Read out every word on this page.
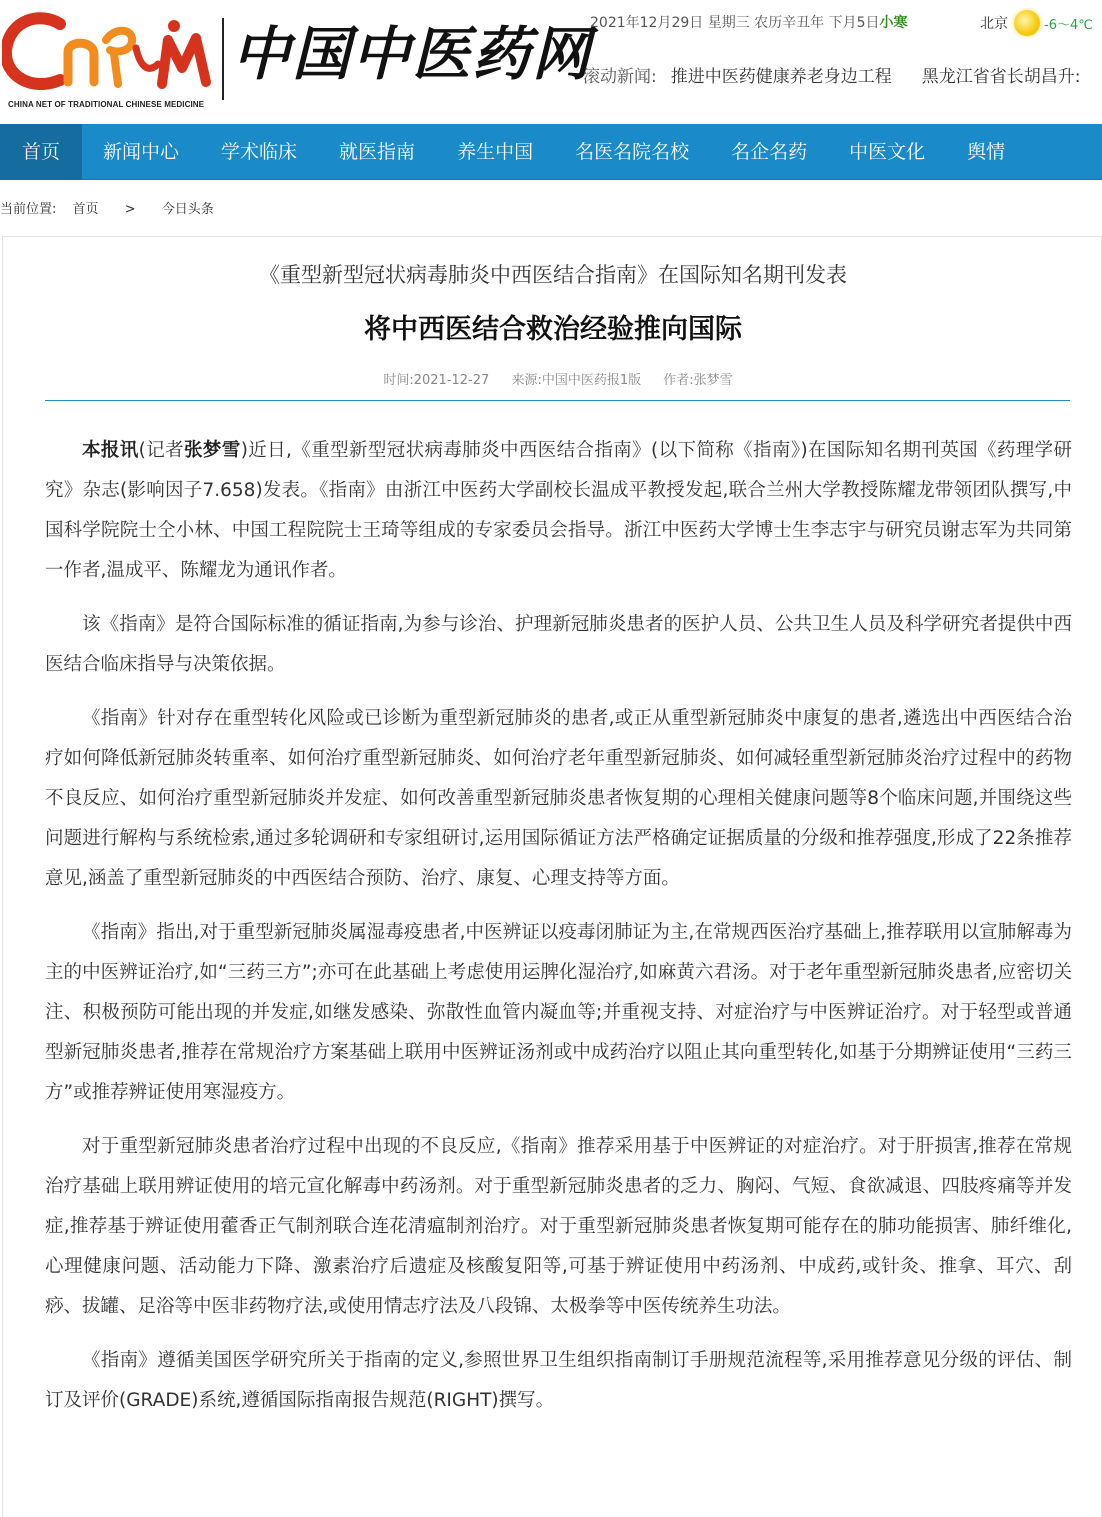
CHINA NET OF TRADITIONAL CHINESE MEDICINE
中国中医药网
2021年12月29日 星期三 农历辛丑年 下月5日小寒	北京	-6～4℃
滚动新闻: 推进中医药健康养老身边工程 黑龙江省省长胡昌升:
首页	新闻中心	学术临床	就医指南	养生中国	名医名院名校	名企名药	中医文化	舆情
当前位置: 首页 > 今日头条
《重型新型冠状病毒肺炎中西医结合指南》在国际知名期刊发表
将中西医结合救治经验推向国际
时间:2021-12-27 来源:中国中医药报1版 作者:张梦雪

本报讯(记者张梦雪)近日,《重型新型冠状病毒肺炎中西医结合指南》(以下简称《指南》)在国际知名期刊英国《药理学研究》杂志(影响因子7.658)发表。《指南》由浙江中医药大学副校长温成平教授发起,联合兰州大学教授陈耀龙带领团队撰写,中国科学院院士仝小林、中国工程院院士王琦等组成的专家委员会指导。浙江中医药大学博士生李志宇与研究员谢志军为共同第一作者,温成平、陈耀龙为通讯作者。

该《指南》是符合国际标准的循证指南,为参与诊治、护理新冠肺炎患者的医护人员、公共卫生人员及科学研究者提供中西医结合临床指导与决策依据。

《指南》针对存在重型转化风险或已诊断为重型新冠肺炎的患者,或正从重型新冠肺炎中康复的患者,遴选出中西医结合治疗如何降低新冠肺炎转重率、如何治疗重型新冠肺炎、如何治疗老年重型新冠肺炎、如何减轻重型新冠肺炎治疗过程中的药物不良反应、如何治疗重型新冠肺炎并发症、如何改善重型新冠肺炎患者恢复期的心理相关健康问题等8个临床问题,并围绕这些问题进行解构与系统检索,通过多轮调研和专家组研讨,运用国际循证方法严格确定证据质量的分级和推荐强度,形成了22条推荐意见,涵盖了重型新冠肺炎的中西医结合预防、治疗、康复、心理支持等方面。

《指南》指出,对于重型新冠肺炎属湿毒疫患者,中医辨证以疫毒闭肺证为主,在常规西医治疗基础上,推荐联用以宣肺解毒为主的中医辨证治疗,如“三药三方”;亦可在此基础上考虑使用运脾化湿治疗,如麻黄六君汤。对于老年重型新冠肺炎患者,应密切关注、积极预防可能出现的并发症,如继发感染、弥散性血管内凝血等;并重视支持、对症治疗与中医辨证治疗。对于轻型或普通型新冠肺炎患者,推荐在常规治疗方案基础上联用中医辨证汤剂或中成药治疗以阻止其向重型转化,如基于分期辨证使用“三药三方”或推荐辨证使用寒湿疫方。

对于重型新冠肺炎患者治疗过程中出现的不良反应,《指南》推荐采用基于中医辨证的对症治疗。对于肝损害,推荐在常规治疗基础上联用辨证使用的培元宣化解毒中药汤剂。对于重型新冠肺炎患者的乏力、胸闷、气短、食欲减退、四肢疼痛等并发症,推荐基于辨证使用藿香正气制剂联合连花清瘟制剂治疗。对于重型新冠肺炎患者恢复期可能存在的肺功能损害、肺纤维化,心理健康问题、活动能力下降、激素治疗后遗症及核酸复阳等,可基于辨证使用中药汤剂、中成药,或针灸、推拿、耳穴、刮痧、拔罐、足浴等中医非药物疗法,或使用情志疗法及八段锦、太极拳等中医传统养生功法。

《指南》遵循美国医学研究所关于指南的定义,参照世界卫生组织指南制订手册规范流程等,采用推荐意见分级的评估、制订及评价(GRADE)系统,遵循国际指南报告规范(RIGHT)撰写。
